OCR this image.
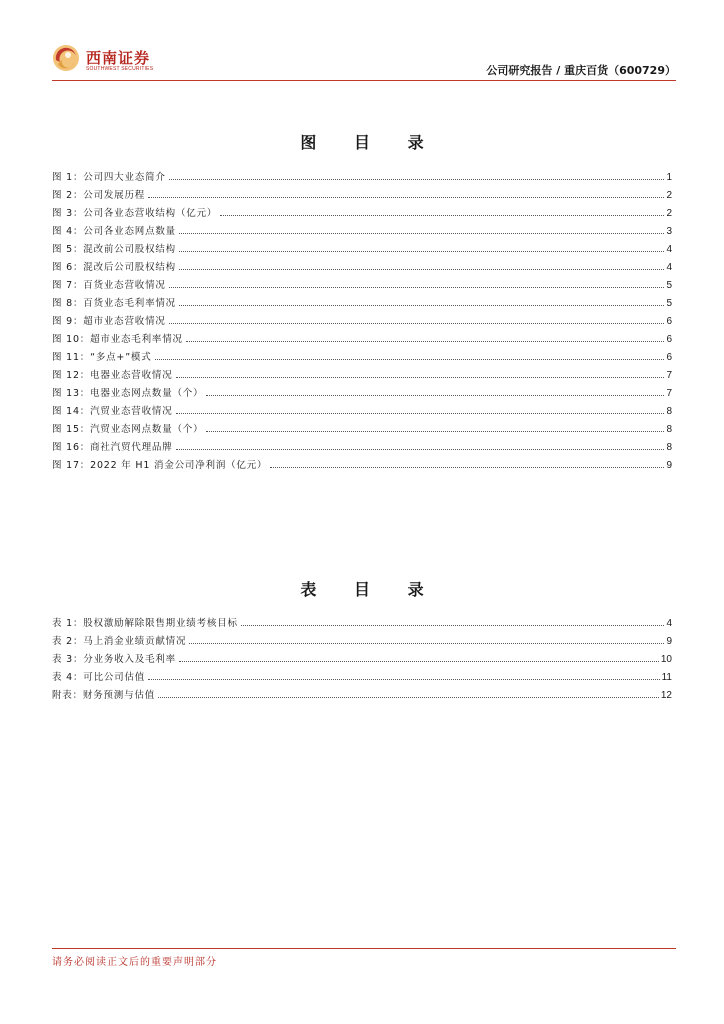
西南证券
SOUTHWEST SECURITIES	公司研究报告 / 重庆百货（600729）
图 目 录
图 1：公司四大业态简介	1
图 2：公司发展历程	2
图 3：公司各业态营收结构（亿元）	2
图 4：公司各业态网点数量	3
图 5：混改前公司股权结构	4
图 6：混改后公司股权结构	4
图 7：百货业态营收情况	5
图 8：百货业态毛利率情况	5
图 9：超市业态营收情况	6
图 10：超市业态毛利率情况	6
图 11：“多点+”模式	6
图 12：电器业态营收情况	7
图 13：电器业态网点数量（个）	7
图 14：汽贸业态营收情况	8
图 15：汽贸业态网点数量（个）	8
图 16：商社汽贸代理品牌	8
图 17：2022 年 H1 消金公司净利润（亿元）	9
表 目 录
表 1：股权激励解除限售期业绩考核目标	4
表 2：马上消金业绩贡献情况	9
表 3：分业务收入及毛利率	10
表 4：可比公司估值	11
附表：财务预测与估值	12
请务必阅读正文后的重要声明部分
